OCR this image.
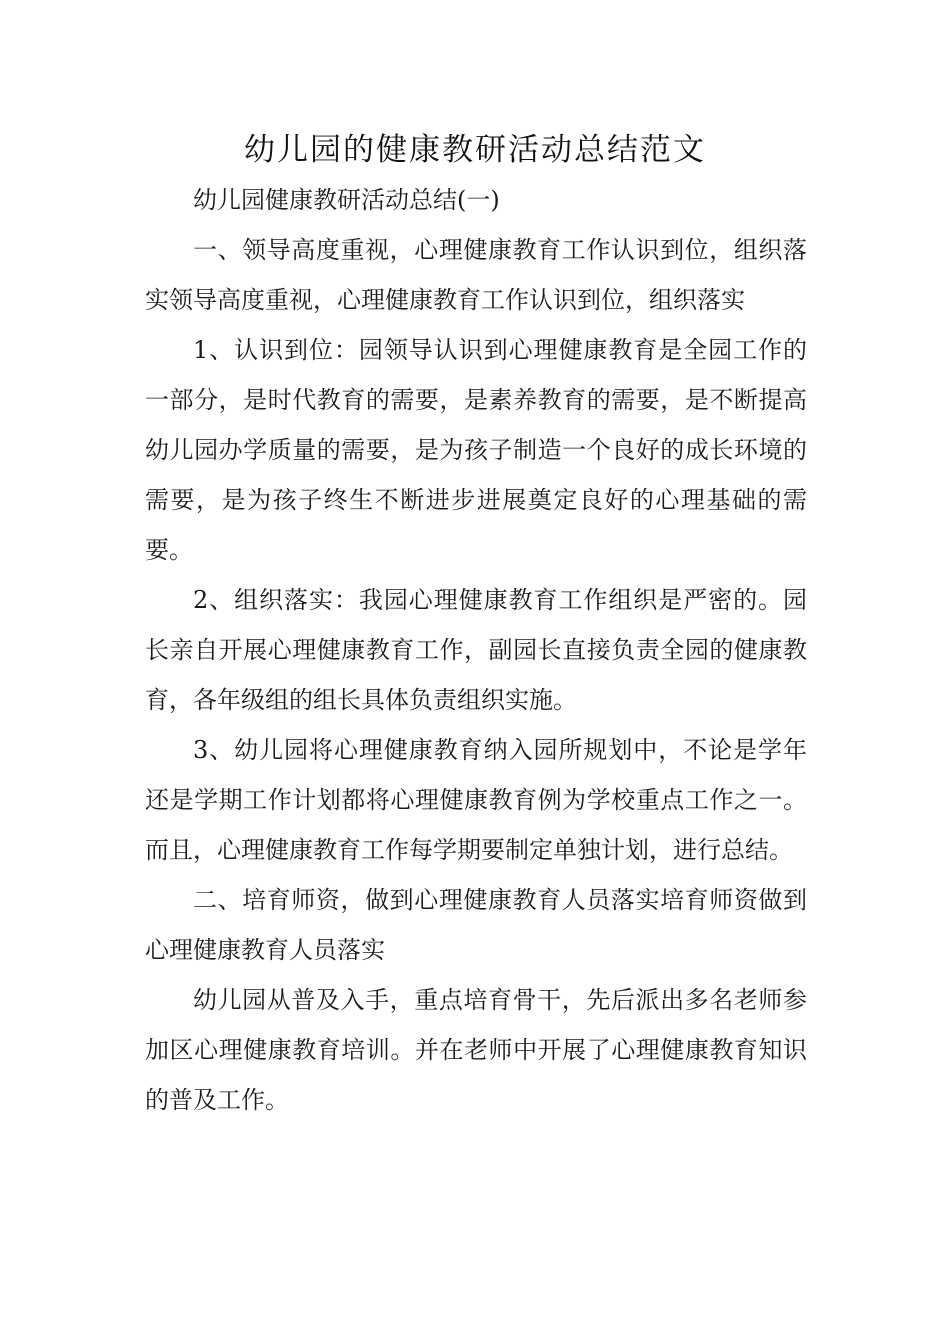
幼儿园的健康教研活动总结范文

幼儿园健康教研活动总结(一)

一、领导高度重视，心理健康教育工作认识到位，组织落实领导高度重视，心理健康教育工作认识到位，组织落实

1、认识到位：园领导认识到心理健康教育是全园工作的一部分，是时代教育的需要，是素养教育的需要，是不断提高幼儿园办学质量的需要，是为孩子制造一个良好的成长环境的需要，是为孩子终生不断进步进展奠定良好的心理基础的需要。

2、组织落实：我园心理健康教育工作组织是严密的。园长亲自开展心理健康教育工作，副园长直接负责全园的健康教育，各年级组的组长具体负责组织实施。

3、幼儿园将心理健康教育纳入园所规划中，不论是学年还是学期工作计划都将心理健康教育例为学校重点工作之一。而且，心理健康教育工作每学期要制定单独计划，进行总结。

二、培育师资，做到心理健康教育人员落实培育师资做到心理健康教育人员落实

幼儿园从普及入手，重点培育骨干，先后派出多名老师参加区心理健康教育培训。并在老师中开展了心理健康教育知识的普及工作。
